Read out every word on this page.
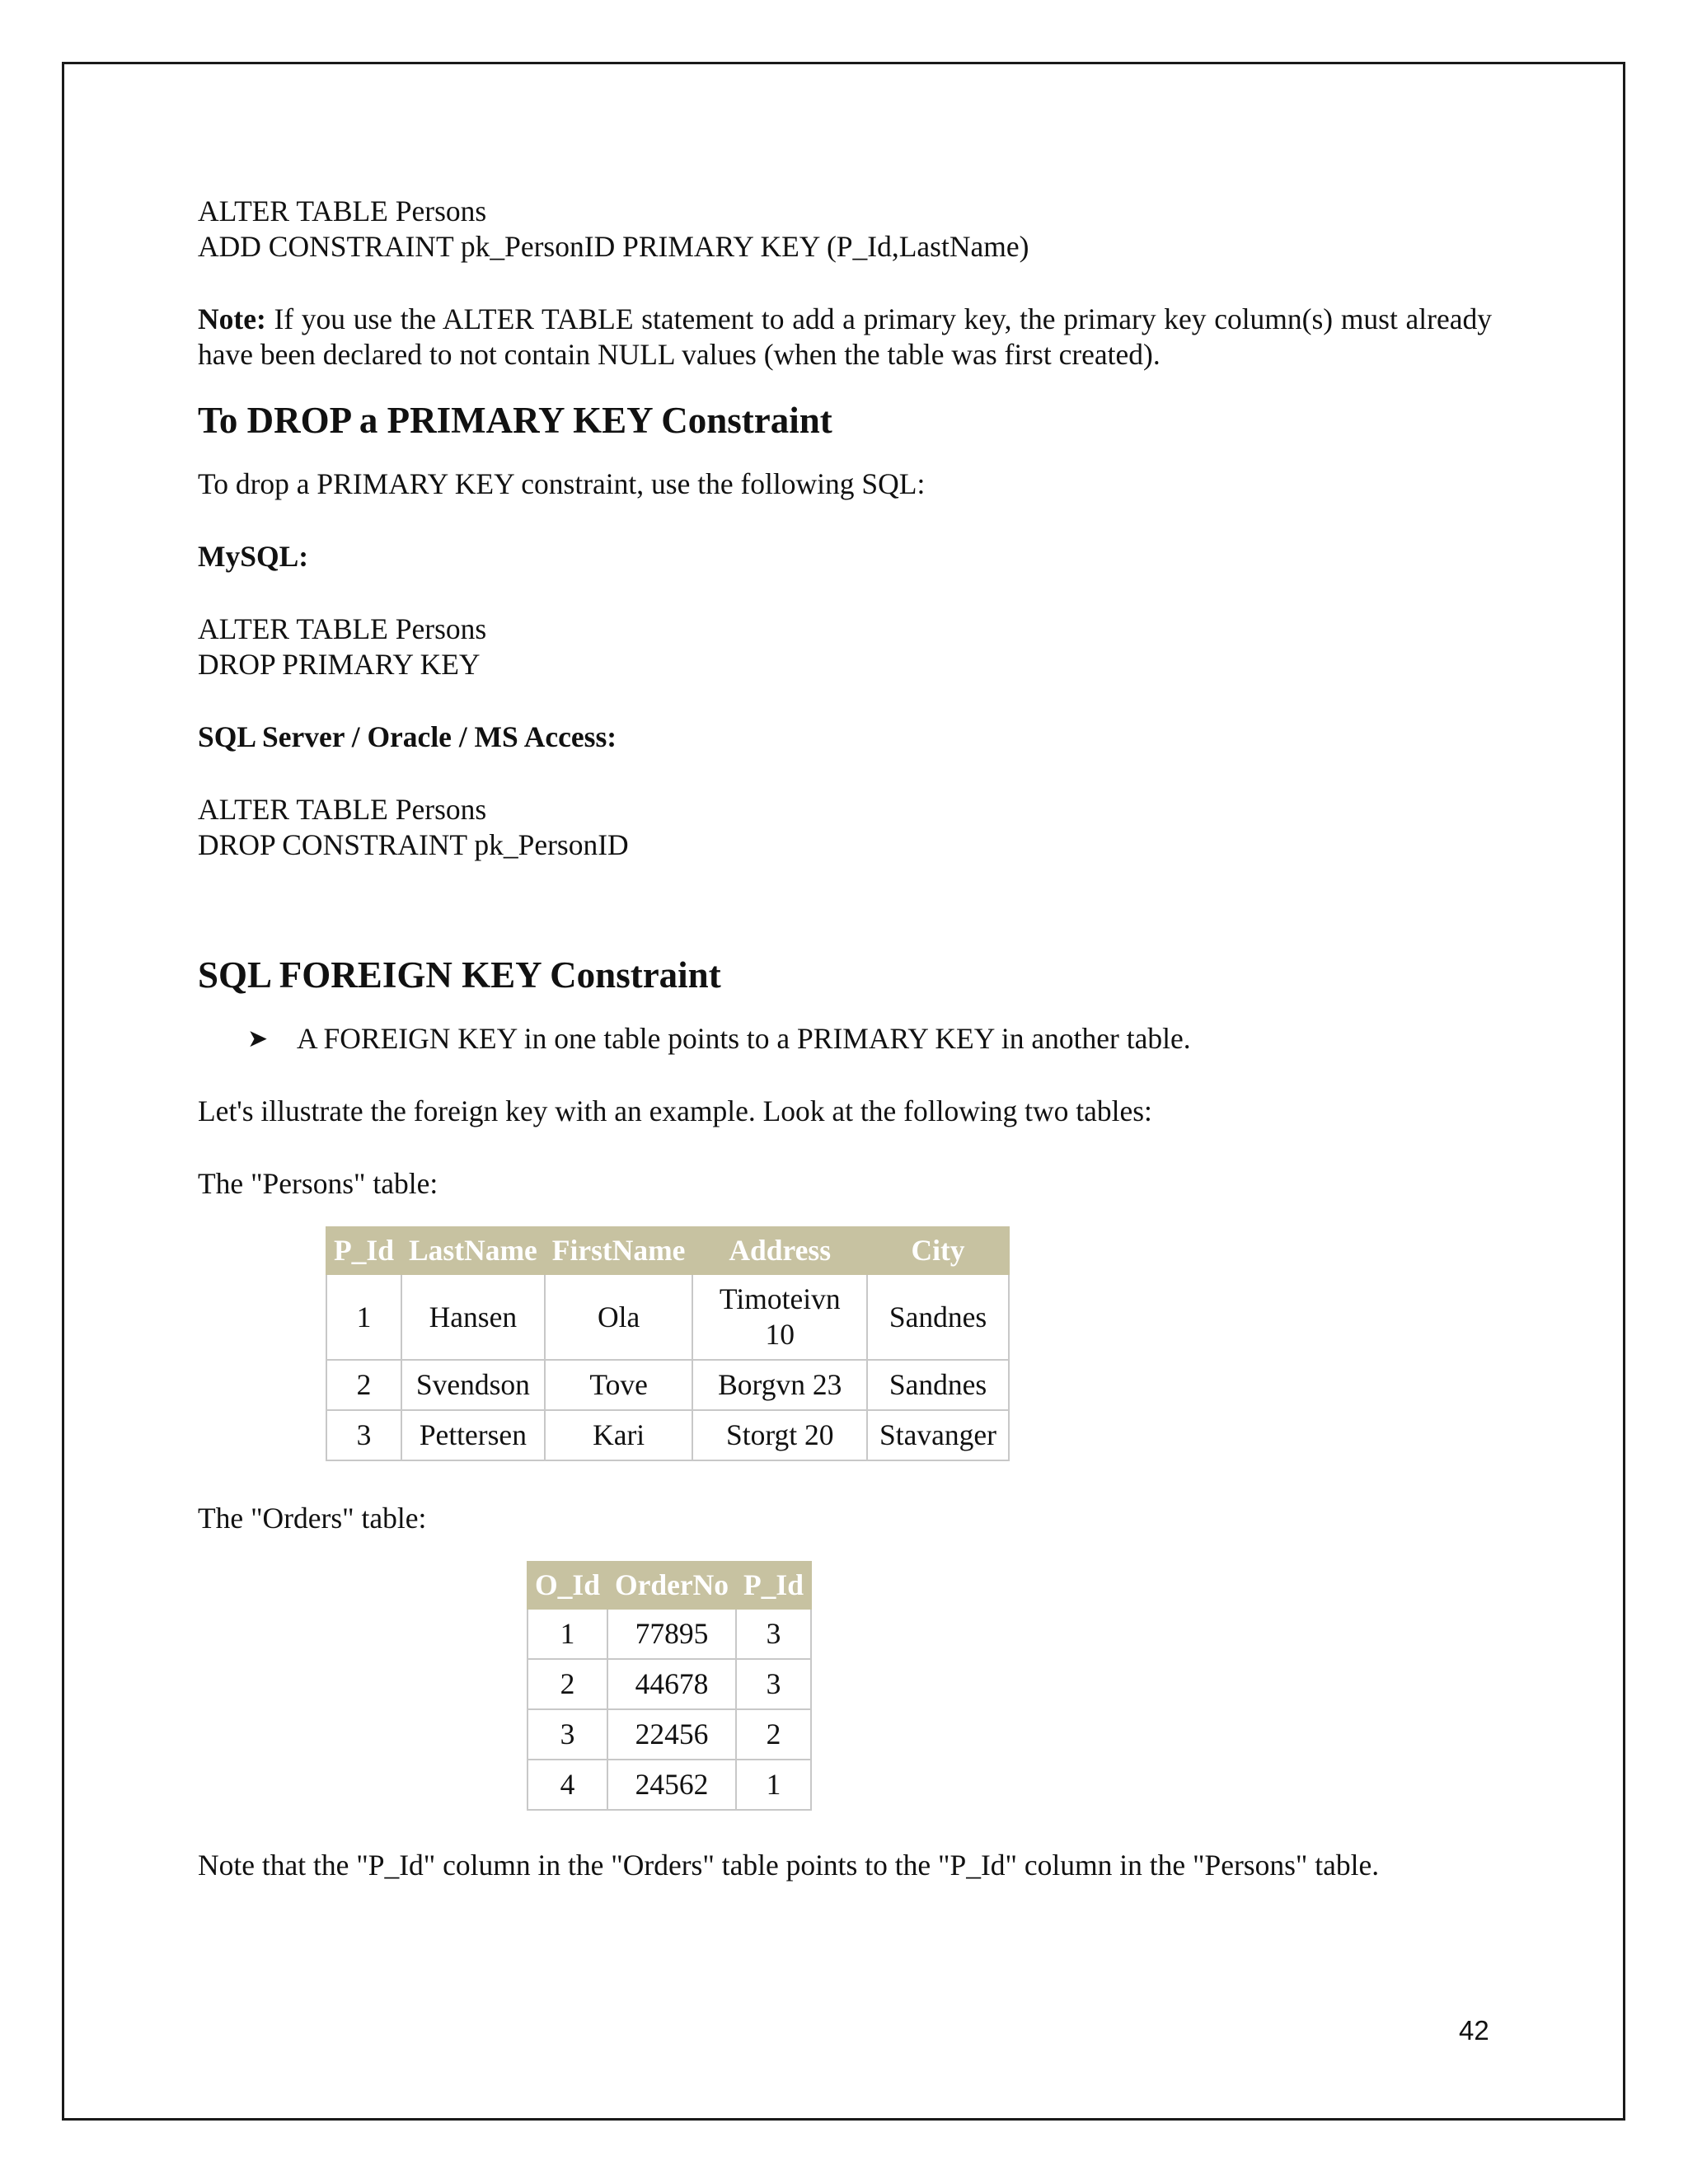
ALTER TABLE Persons

ADD CONSTRAINT pk_PersonID PRIMARY KEY (P_Id,LastName)

Note: If you use the ALTER TABLE statement to add a primary key, the primary key column(s) must already have been declared to not contain NULL values (when the table was first created).

To DROP a PRIMARY KEY Constraint

To drop a PRIMARY KEY constraint, use the following SQL:

MySQL:

ALTER TABLE Persons

DROP PRIMARY KEY

SQL Server / Oracle / MS Access:

ALTER TABLE Persons

DROP CONSTRAINT pk_PersonID

SQL FOREIGN KEY Constraint

➤ A FOREIGN KEY in one table points to a PRIMARY KEY in another table.

Let's illustrate the foreign key with an example. Look at the following two tables:

The "Persons" table:

P_Id	LastName	FirstName	Address	City
1	Hansen	Ola	Timoteivn 10	Sandnes
2	Svendson	Tove	Borgvn 23	Sandnes
3	Pettersen	Kari	Storgt 20	Stavanger

The "Orders" table:

O_Id	OrderNo	P_Id
1	77895	3
2	44678	3
3	22456	2
4	24562	1

Note that the "P_Id" column in the "Orders" table points to the "P_Id" column in the "Persons" table.

42
